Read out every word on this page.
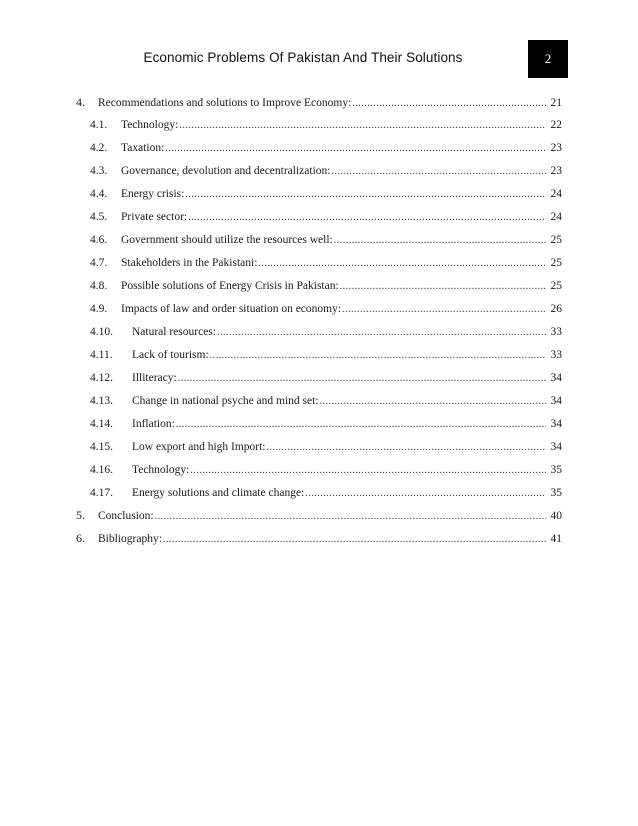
Economic Problems Of Pakistan And Their Solutions	2
4.	Recommendations and solutions to Improve Economy: .....	21
4.1.	Technology: .....	22
4.2.	Taxation: .....	23
4.3.	Governance, devolution and decentralization: .....	23
4.4.	Energy crisis: .....	24
4.5.	Private sector: .....	24
4.6.	Government should utilize the resources well: .....	25
4.7.	Stakeholders in the Pakistani: .....	25
4.8.	Possible solutions of Energy Crisis in Pakistan: .....	25
4.9.	Impacts of law and order situation on economy: .....	26
4.10.	Natural resources: .....	33
4.11.	Lack of tourism: .....	33
4.12.	Illiteracy: .....	34
4.13.	Change in national psyche and mind set: .....	34
4.14.	Inflation: .....	34
4.15.	Low export and high Import: .....	34
4.16.	Technology: .....	35
4.17.	Energy solutions and climate change: .....	35
5.	Conclusion: .....	40
6.	Bibliography: .....	41
